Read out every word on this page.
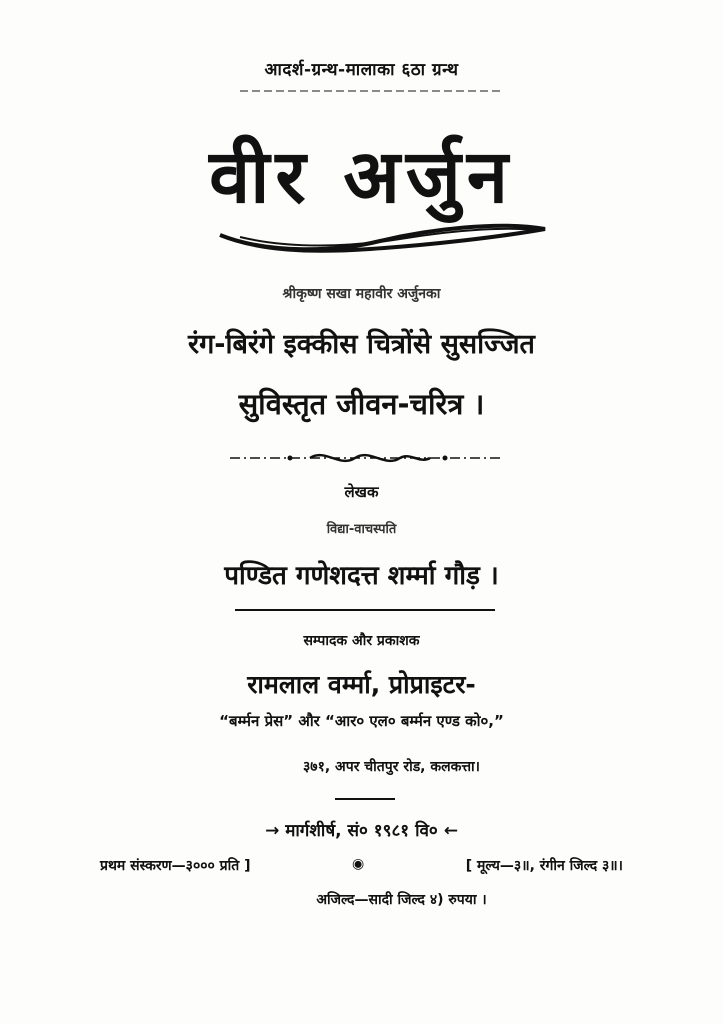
आदर्श-ग्रन्थ-मालाका ६ठा ग्रन्थ
वीर अर्जुन
श्रीकृष्ण सखा महावीर अर्जुनका
रंग-बिरंगे इक्कीस चित्रोंसे सुसज्जित
सुविस्तृत जीवन-चरित्र ।
लेखक
विद्या-वाचस्पति
पण्डित गणेशदत्त शर्म्मा गौड़ ।
सम्पादक और प्रकाशक
रामलाल वर्म्मा, प्रोप्राइटर-
“बर्म्मन प्रेस” और “आर० एल० बर्म्मन एण्ड को०,”
३७१, अपर चीतपुर रोड, कलकत्ता।
→ मार्गशीर्ष, सं० १९८१ वि० ←
प्रथम संस्करण—३००० प्रति ]	◉	[ मूल्य—३॥, रंगीन जिल्द ३॥।
अजिल्द—सादी जिल्द ४) रुपया ।
